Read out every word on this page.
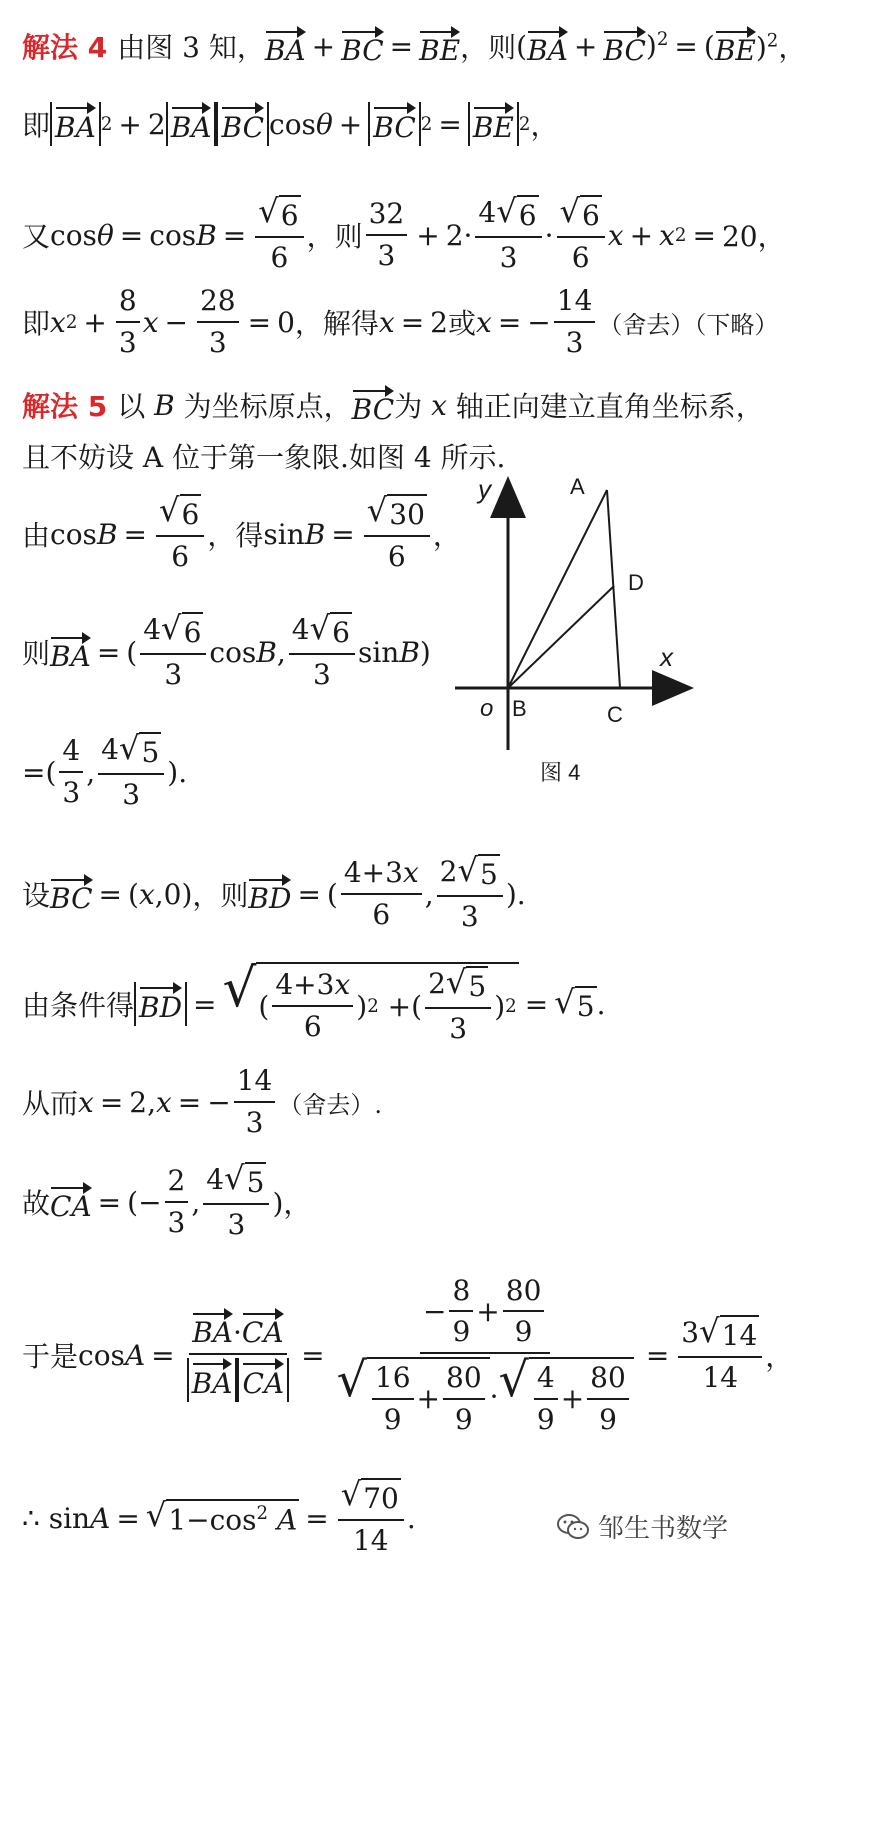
解法 4 由图 3 知， BA + BC = BE ，则 ( BA + BC )$^2$ = ( BE )$^2$，
即 BA 2 + 2 BA BC cosθ + BC 2 = BE 2 ，
又 $\cos\theta = \cos B = \frac{√ 6}{6}$ ，则 $\frac{32}{3} + 2\cdot \frac{4 √ 6}{3} \cdot \frac{√ 6}{6}$ x + x 2 = 20，
即 x $2 + \frac{8}{3}$ $x - \frac{28}{3} = 0$ ，解得 x = 2 或 x = − $\frac{14}{3}$ （舍去）（下略）
解法 5 以 B 为坐标原点， BC 为 x 轴正向建立直角坐标系，
且不妨设 A 位于第一象限.如图 4 所示.
由 $\cos B = \frac{√ 6}{6}$ ，得 $\sin B = \frac{√ 30}{6}$ ，
则 BA = ( $\frac{4 √ 6}{3} \cos B$, $\frac{4 √ 6}{3} \sin B$)
=( $\frac{4}{3}$ , $\frac{4 √ 5}{3}$ ).
y	A
D
x
o B	C
图 4
设 BC = (x,0) ，则 BD = ( $\frac{4+3x}{6}$ , $\frac{2 √ 5}{3}$ ).
由条件得 BD = √ ( $\frac{4+3x}{6}$ ) 2 +( $\frac{2 √ 5}{3}$ ) 2 = √ 5 .
从而 x = 2, x = − $\frac{14}{3}$ （舍去）.
故 CA = (− $\frac{2}{3}$ , $\frac{4 √ 5}{3}$ )，
于是 $\cos A = \frac{BA\cdot CA}{\text{BA CA}} = \frac{- \frac{8}{9} + \frac{80}{9}}{√ \frac{16}{9} + \frac{80}{9} \cdot √ \frac{4}{9} + \frac{80}{9}} = \frac{3 √ 14}{14}$ ，
∴ sinA = √ $1-\cos^2$ $A = \frac{√ 70}{14}$ .	邹生书数学
